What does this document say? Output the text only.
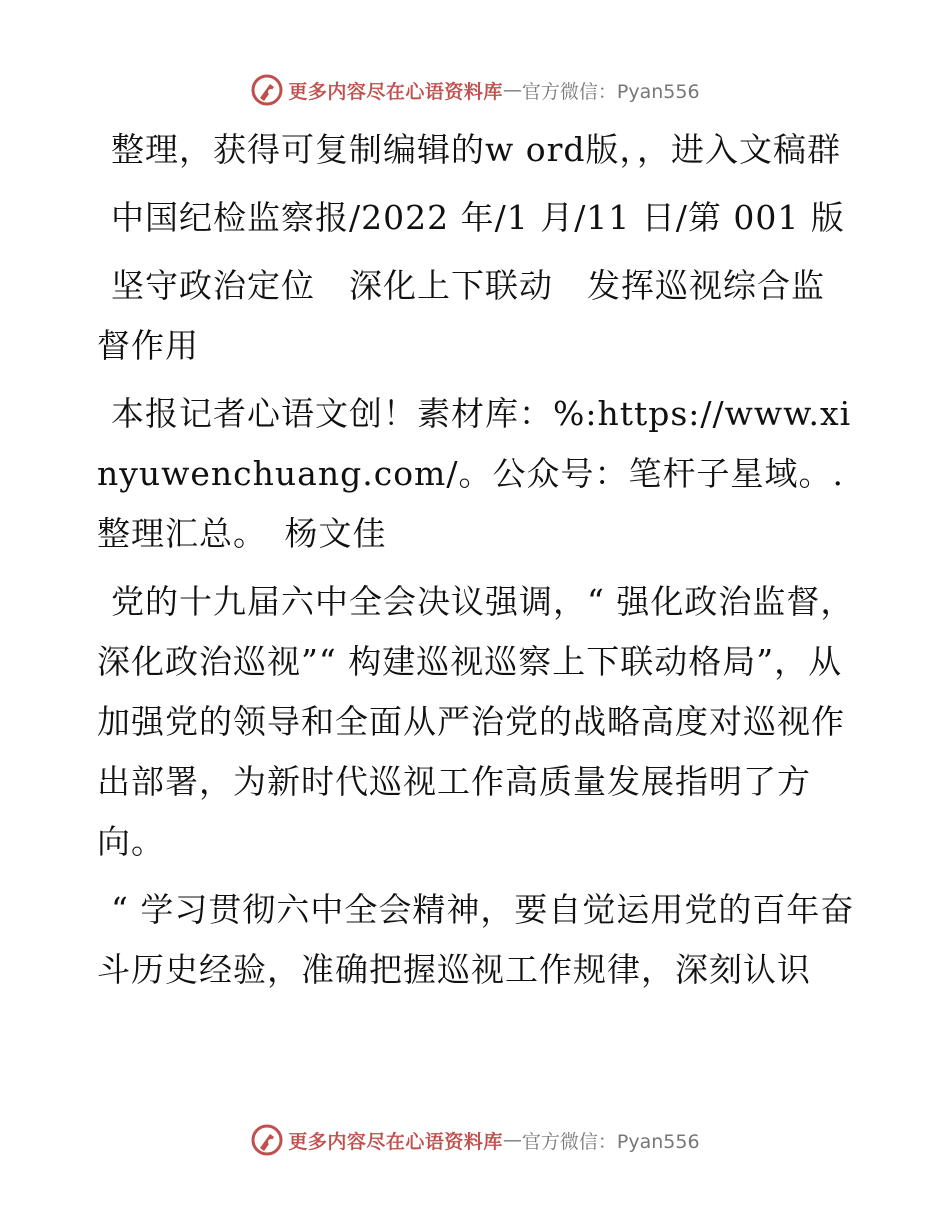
更多内容尽在心语资料库 — 官方微信：Pyan556

整理，获得可复制编辑的w ord版，，进入文稿群

中国纪检监察报/2022 年/1 月/11 日/第 001 版

坚守政治定位　深化上下联动　发挥巡视综合监督作用

本报记者心语文创！素材库：%:https://www.xinyuwenchuang.com/。公众号：笔杆子星域。.整理汇总。　杨文佳

党的十九届六中全会决议强调，“ 强化政治监督，深化政治巡视”“ 构建巡视巡察上下联动格局”，从加强党的领导和全面从严治党的战略高度对巡视作出部署，为新时代巡视工作高质量发展指明了方向。

“ 学习贯彻六中全会精神，要自觉运用党的百年奋斗历史经验，准确把握巡视工作规律，深刻认识

更多内容尽在心语资料库 — 官方微信：Pyan556
